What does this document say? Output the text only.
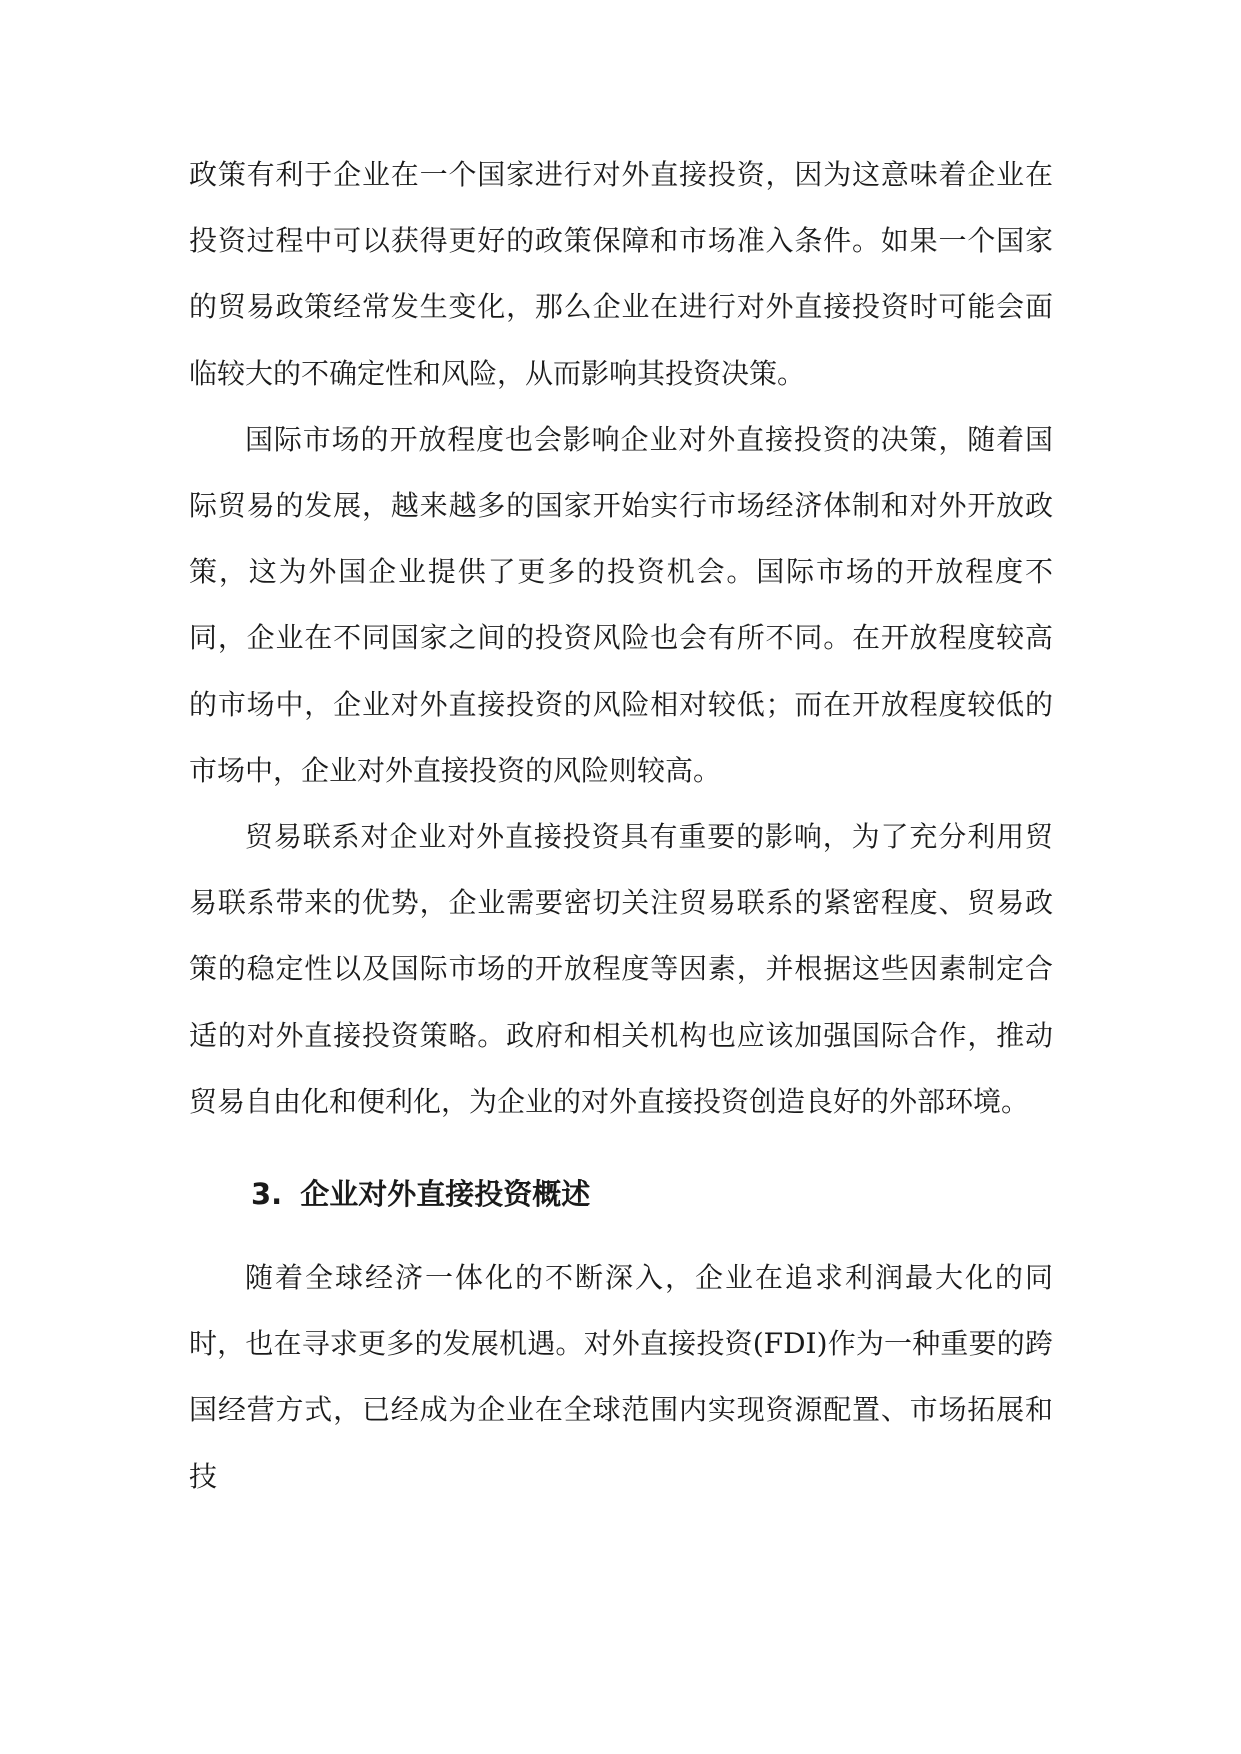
政策有利于企业在一个国家进行对外直接投资，因为这意味着企业在投资过程中可以获得更好的政策保障和市场准入条件。如果一个国家的贸易政策经常发生变化，那么企业在进行对外直接投资时可能会面临较大的不确定性和风险，从而影响其投资决策。

国际市场的开放程度也会影响企业对外直接投资的决策，随着国际贸易的发展，越来越多的国家开始实行市场经济体制和对外开放政策，这为外国企业提供了更多的投资机会。国际市场的开放程度不同，企业在不同国家之间的投资风险也会有所不同。在开放程度较高的市场中，企业对外直接投资的风险相对较低；而在开放程度较低的市场中，企业对外直接投资的风险则较高。

贸易联系对企业对外直接投资具有重要的影响，为了充分利用贸易联系带来的优势，企业需要密切关注贸易联系的紧密程度、贸易政策的稳定性以及国际市场的开放程度等因素，并根据这些因素制定合适的对外直接投资策略。政府和相关机构也应该加强国际合作，推动贸易自由化和便利化，为企业的对外直接投资创造良好的外部环境。

3. 企业对外直接投资概述

随着全球经济一体化的不断深入，企业在追求利润最大化的同时，也在寻求更多的发展机遇。对外直接投资(FDI)作为一种重要的跨国经营方式，已经成为企业在全球范围内实现资源配置、市场拓展和技
